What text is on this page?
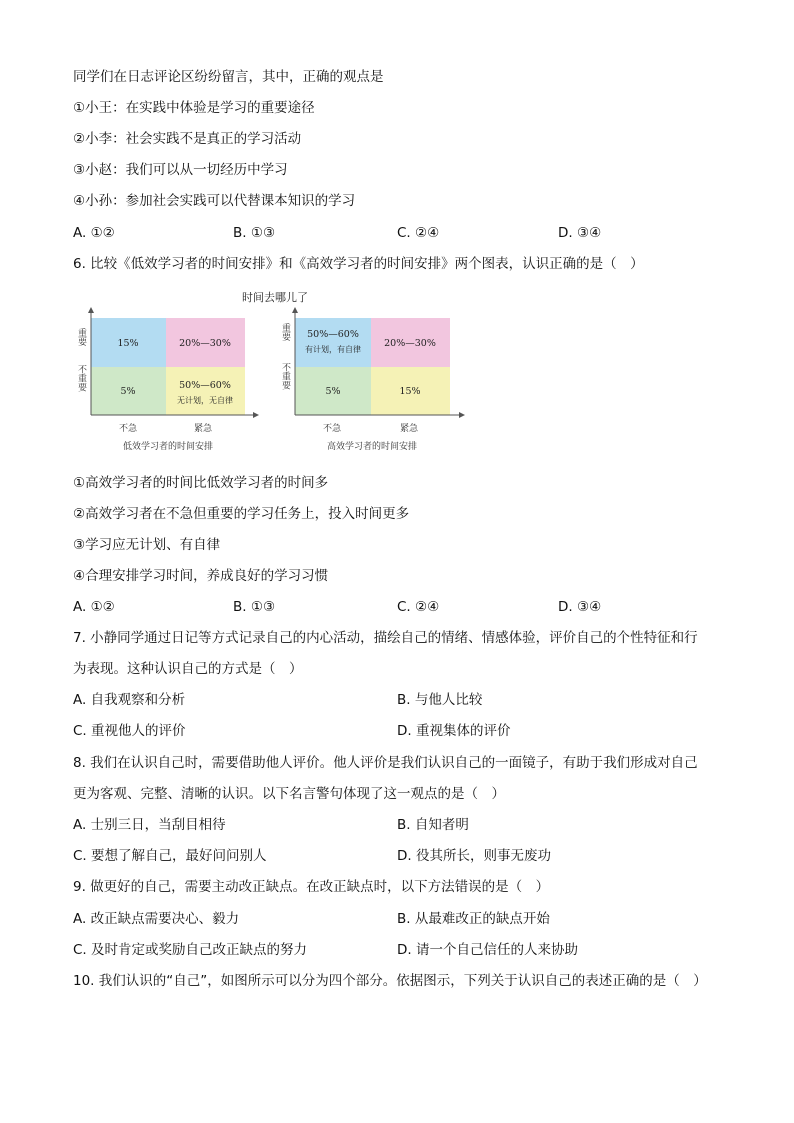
同学们在日志评论区纷纷留言，其中，正确的观点是
①小王：在实践中体验是学习的重要途径
②小李：社会实践不是真正的学习活动
③小赵：我们可以从一切经历中学习
④小孙：参加社会实践可以代替课本知识的学习
A. ①②	B. ①③	C. ②④	D. ③④
6. 比较《低效学习者的时间安排》和《高效学习者的时间安排》两个图表，认识正确的是（　）
时间去哪儿了
重要
不重要
不急	紧急
15%	20%—30%
5%
50%—60%
无计划，无自律
低效学习者的时间安排
重要
不重要
不急	紧急
50%—60%
有计划，有自律
20%—30%
5%	15%
高效学习者的时间安排
①高效学习者的时间比低效学习者的时间多
②高效学习者在不急但重要的学习任务上，投入时间更多
③学习应无计划、有自律
④合理安排学习时间，养成良好的学习习惯
A. ①②	B. ①③	C. ②④	D. ③④
7. 小静同学通过日记等方式记录自己的内心活动，描绘自己的情绪、情感体验，评价自己的个性特征和行
为表现。这种认识自己的方式是（　）
A. 自我观察和分析	B. 与他人比较
C. 重视他人的评价	D. 重视集体的评价
8. 我们在认识自己时，需要借助他人评价。他人评价是我们认识自己的一面镜子，有助于我们形成对自己
更为客观、完整、清晰的认识。以下名言警句体现了这一观点的是（　）
A. 士别三日，当刮目相待	B. 自知者明
C. 要想了解自己，最好问问别人	D. 役其所长，则事无废功
9. 做更好的自己，需要主动改正缺点。在改正缺点时，以下方法错误的是（　）
A. 改正缺点需要决心、毅力	B. 从最难改正的缺点开始
C. 及时肯定或奖励自己改正缺点的努力	D. 请一个自己信任的人来协助
10. 我们认识的“自己”，如图所示可以分为四个部分。依据图示，下列关于认识自己的表述正确的是（　）
